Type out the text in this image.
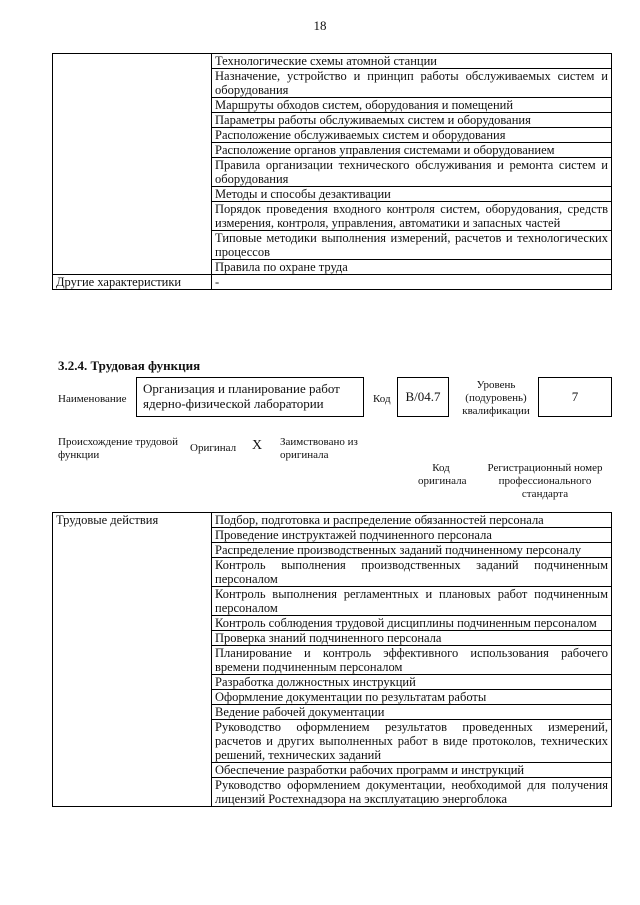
18
	Технологические схемы атомной станции
	Назначение, устройство и принцип работы обслуживаемых систем и оборудования
	Маршруты обходов систем, оборудования и помещений
	Параметры работы обслуживаемых систем и оборудования
	Расположение обслуживаемых систем и оборудования
	Расположение органов управления системами и оборудованием
	Правила организации технического обслуживания и ремонта систем и оборудования
	Методы и способы дезактивации
	Порядок проведения входного контроля систем, оборудования, средств измерения, контроля, управления, автоматики и запасных частей
	Типовые методики выполнения измерений, расчетов и технологических процессов
	Правила по охране труда
Другие характеристики	-
3.2.4. Трудовая функция
Наименование
Организация и планирование работ ядерно-физической лаборатории	Код	B/04.7
Уровень (подуровень) квалификации
7
Происхождение трудовой функции
Оригинал X Заимствовано из оригинала
Код оригинала
Регистрационный номер профессионального стандарта
Трудовые действия	Подбор, подготовка и распределение обязанностей персонала
Проведение инструктажей подчиненного персонала
Распределение производственных заданий подчиненному персоналу
Контроль выполнения производственных заданий подчиненным персоналом
Контроль выполнения регламентных и плановых работ подчиненным персоналом
Контроль соблюдения трудовой дисциплины подчиненным персоналом
Проверка знаний подчиненного персонала
Планирование и контроль эффективного использования рабочего времени подчиненным персоналом
Разработка должностных инструкций
Оформление документации по результатам работы
Ведение рабочей документации
Руководство оформлением результатов проведенных измерений, расчетов и других выполненных работ в виде протоколов, технических решений, технических заданий
Обеспечение разработки рабочих программ и инструкций
Руководство оформлением документации, необходимой для получения лицензий Ростехнадзора на эксплуатацию энергоблока
